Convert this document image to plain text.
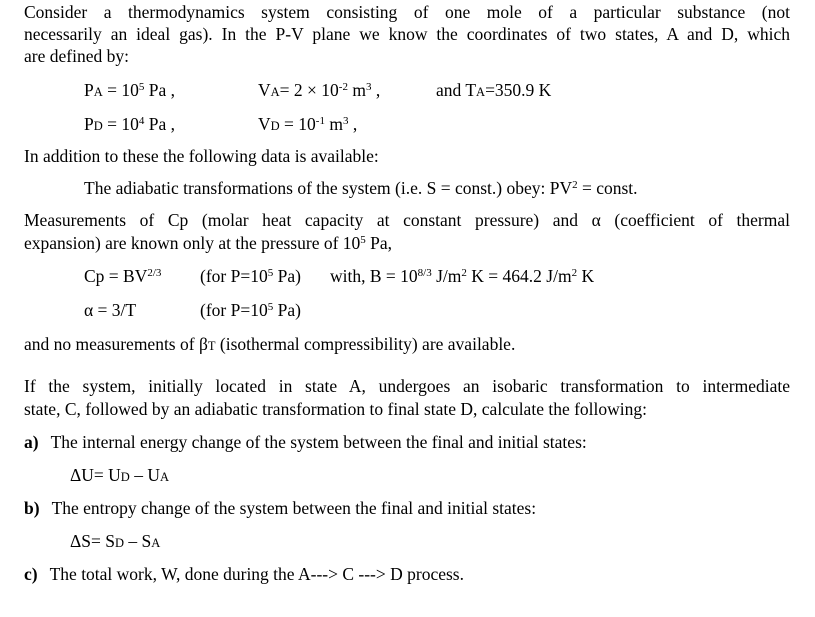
Consider a thermodynamics system consisting of one mole of a particular substance (not
necessarily an ideal gas). In the P-V plane we know the coordinates of two states, A and D, which
are defined by:
PA = $10^5$ Pa ,	$VA= 2 \times 10^{-2}$ $m^3$ ,	and TA=350.9 K
PD = $10^4$ Pa ,	VD = $10^{-1}$ $m^3$ ,
In addition to these the following data is available:
The adiabatic transformations of the system (i.e. S = const.) obey: $PV^2$ = const.
Measurements of Cp (molar heat capacity at constant pressure) and α (coefficient of thermal
expansion) are known only at the pressure of $10^5$ Pa,
$Cp = BV^{2/3}$ (for $P=10^5$ Pa) with, $B = 10^{8/3}$ $J/m^2$ K = 464.2 $J/m^2$ K
α = 3/T	(for $P=10^5$ Pa)
and no measurements of βT (isothermal compressibility) are available.
If the system, initially located in state A, undergoes an isobaric transformation to intermediate
state, C, followed by an adiabatic transformation to final state D, calculate the following:
a) The internal energy change of the system between the final and initial states:
ΔU= UD – UA
b) The entropy change of the system between the final and initial states:
ΔS= SD – SA
c) The total work, W, done during the A---> C ---> D process.
